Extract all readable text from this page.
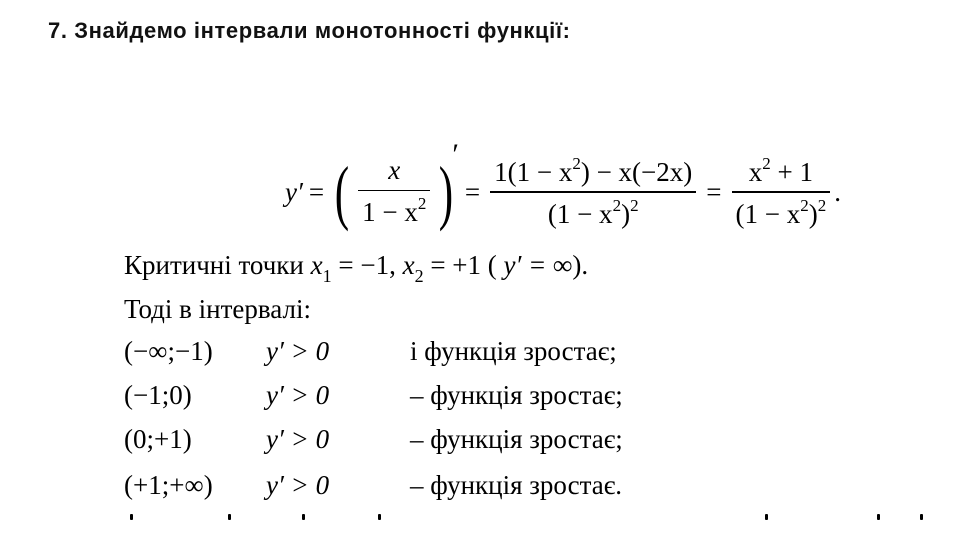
7. Знайдемо інтервали монотонності функції:
y′ = ( $\frac{x}{1 - x^2}$ )
′
= $\frac{1(1 - x^2) - x(-2x)}{(1 - x^2)^2} = \frac{x^2 + 1}{(1 - x^2)^2}$ .
Критичні точки $x_1 = -1$, $x_2 = +1$ ( y′ = ∞).
Тоді в інтервалі:
(−∞;−1) y′ > 0	і функція зростає;
(−1;0)	y′ > 0	– функція зростає;
(0;+1)	y′ > 0	– функція зростає;
(+1;+∞) y′ > 0	– функція зростає.
